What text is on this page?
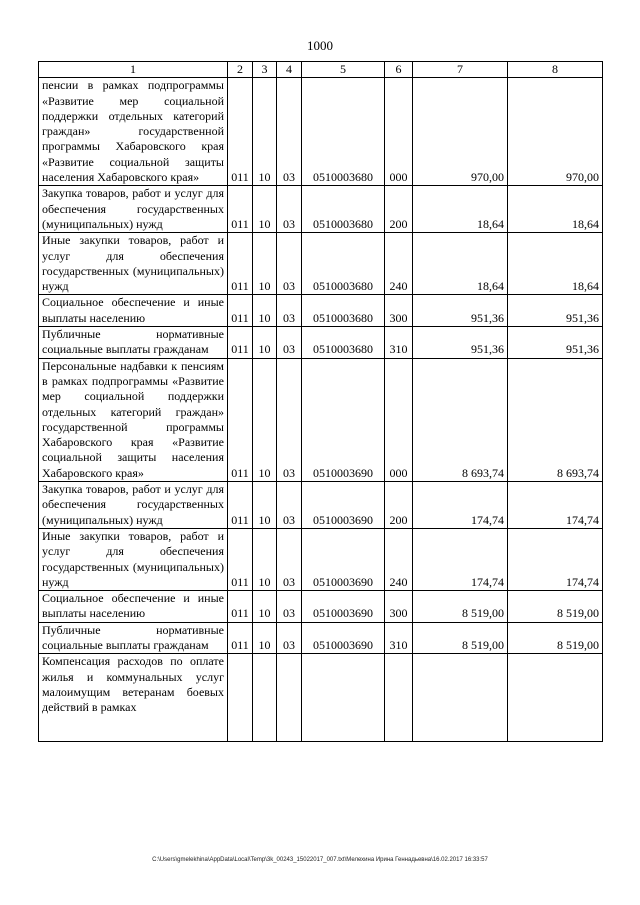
1000
1	2	3	4	5	6	7	8
пенсии в рамках подпрограммы «Развитие мер социальной поддержки отдельных категорий граждан» государственной программы Хабаровского края «Развитие социальной защиты населения Хабаровского края»	011	10	03	0510003680	000	970,00	970,00
Закупка товаров, работ и услуг для обеспечения государственных (муниципальных) нужд	011	10	03	0510003680	200	18,64	18,64
Иные закупки товаров, работ и услуг для обеспечения государственных (муниципальных) нужд	011	10	03	0510003680	240	18,64	18,64
Социальное обеспечение и иные выплаты населению	011	10	03	0510003680	300	951,36	951,36
Публичные нормативные социальные выплаты гражданам	011	10	03	0510003680	310	951,36	951,36
Персональные надбавки к пенсиям в рамках подпрограммы «Развитие мер социальной поддержки отдельных категорий граждан» государственной программы Хабаровского края «Развитие социальной защиты населения Хабаровского края»	011	10	03	0510003690	000	8 693,74	8 693,74
Закупка товаров, работ и услуг для обеспечения государственных (муниципальных) нужд	011	10	03	0510003690	200	174,74	174,74
Иные закупки товаров, работ и услуг для обеспечения государственных (муниципальных) нужд	011	10	03	0510003690	240	174,74	174,74
Социальное обеспечение и иные выплаты населению	011	10	03	0510003690	300	8 519,00	8 519,00
Публичные нормативные социальные выплаты гражданам	011	10	03	0510003690	310	8 519,00	8 519,00
Компенсация расходов по оплате жилья и коммунальных услуг малоимущим ветеранам боевых действий в рамках							
C:\Users\gmelekhina\AppData\Local\Temp\3k_00243_15022017_007.txt\Мелехина Ирина Геннадьевна\16.02.2017 16:33:57
